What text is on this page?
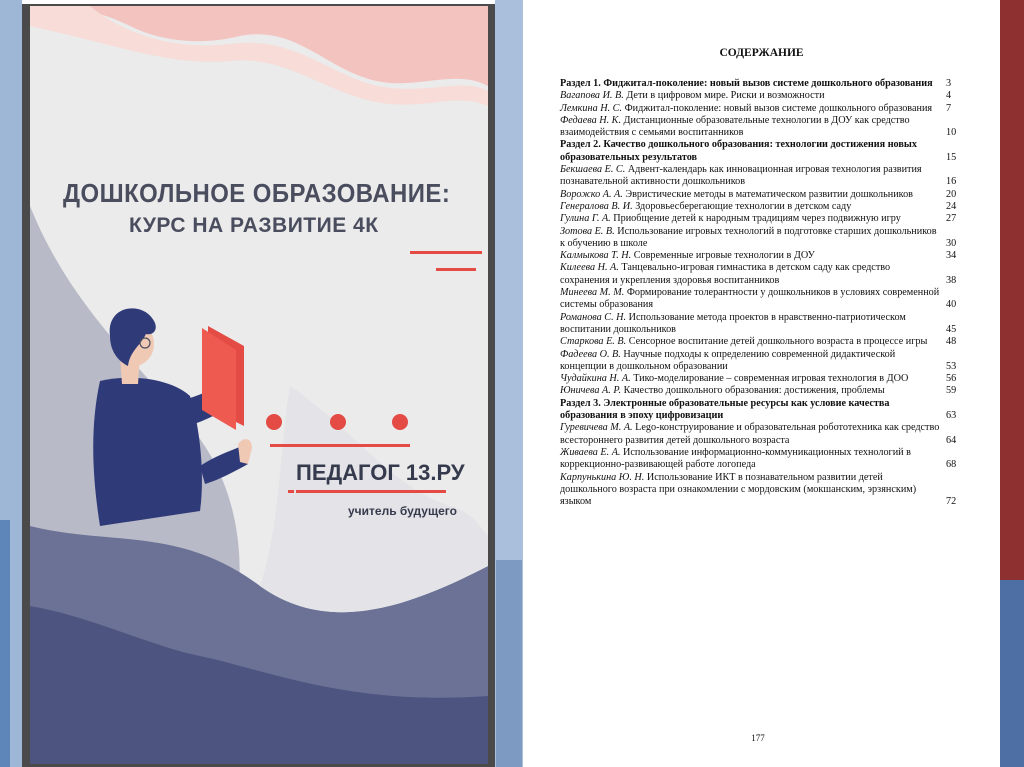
ДОШКОЛЬНОЕ ОБРАЗОВАНИЕ:
КУРС НА РАЗВИТИЕ 4К
ПЕДАГОГ 13.РУ
учитель будущего
СОДЕРЖАНИЕ
Раздел 1. Фиджитал-поколение: новый вызов системе дошкольного образования	3
Вагапова И. В. Дети в цифровом мире. Риски и возможности	4
Лемкина Н. С. Фиджитал-поколение: новый вызов системе дошкольного образования	7
Федаева Н. К. Дистанционные образовательные технологии в ДОУ как средство взаимодействия с семьями воспитанников	10
Раздел 2. Качество дошкольного образования: технологии достижения новых образовательных результатов	15
Бекшаева Е. С. Адвент-календарь как инновационная игровая технология развития познавательной активности дошкольников	16
Ворожко А. А. Эвристические методы в математическом развитии дошкольников	20
Генералова В. И. Здоровьесберегающие технологии в детском саду	24
Гулина Г. А. Приобщение детей к народным традициям через подвижную игру	27
Зотова Е. В. Использование игровых технологий в подготовке старших дошкольников к обучению в школе	30
Калмыкова Т. Н. Современные игровые технологии в ДОУ	34
Килеева Н. А. Танцевально-игровая гимнастика в детском саду как средство сохранения и укрепления здоровья воспитанников	38
Минеева М. М. Формирование толерантности у дошкольников в условиях современной системы образования	40
Романова С. Н. Использование метода проектов в нравственно-патриотическом воспитании дошкольников	45
Старкова Е. В. Сенсорное воспитание детей дошкольного возраста в процессе игры	48
Фадеева О. В. Научные подходы к определению современной дидактической концепции в дошкольном образовании	53
Чудайкина Н. А. Тико-моделирование – современная игровая технология в ДОО	56
Юничева А. Р. Качество дошкольного образования: достижения, проблемы	59
Раздел 3. Электронные образовательные ресурсы как условие качества образования в эпоху цифровизации	63
Гуревичева М. А. Lego-конструирование и образовательная робототехника как средство всестороннего развития детей дошкольного возраста	64
Живаева Е. А. Использование информационно-коммуникационных технологий в коррекционно-развивающей работе логопеда	68
Карпунькина Ю. Н. Использование ИКТ в познавательном развитии детей дошкольного возраста при ознакомлении с мордовским (мокшанским, эрзянским) языком	72
177
